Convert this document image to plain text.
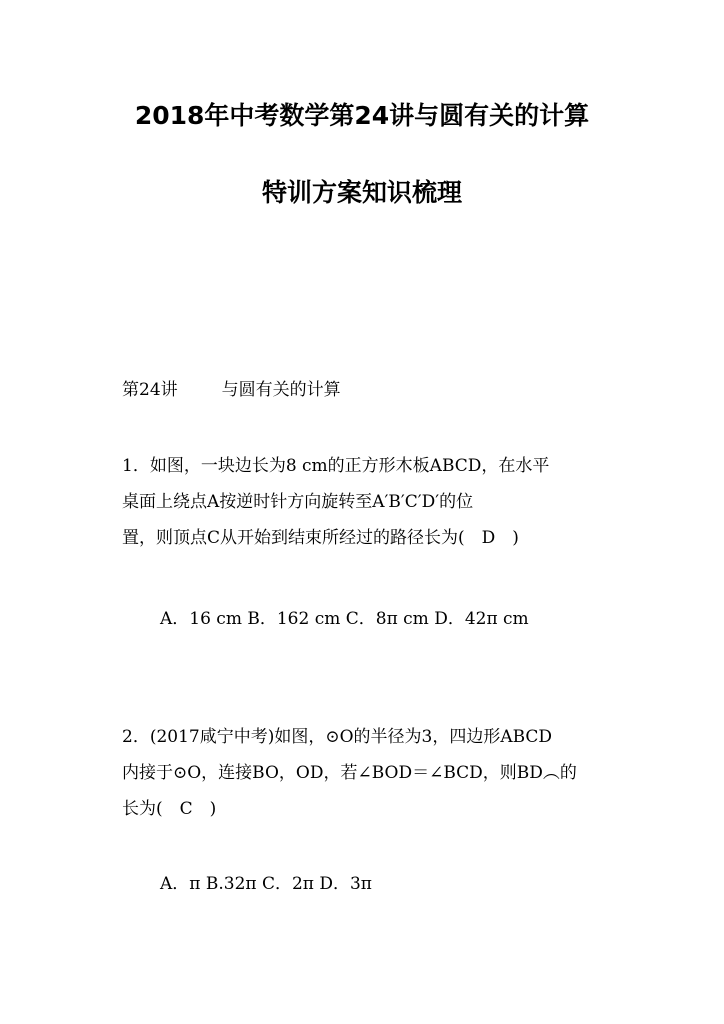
2018年中考数学第24讲与圆有关的计算
特训方案知识梳理
第24讲	与圆有关的计算
1．如图，一块边长为8 cm的正方形木板ABCD，在水平
桌面上绕点A按逆时针方向旋转至A′B′C′D′的位
置，则顶点C从开始到结束所经过的路径长为(　D　)
A．16 cm B．162 cm C．8π cm D．42π cm
2．(2017咸宁中考)如图，⊙O的半径为3，四边形ABCD
内接于⊙O，连接BO，OD，若∠BOD＝∠BCD，则BD︵的
长为(　C　)
A．π B.32π C．2π D．3π
